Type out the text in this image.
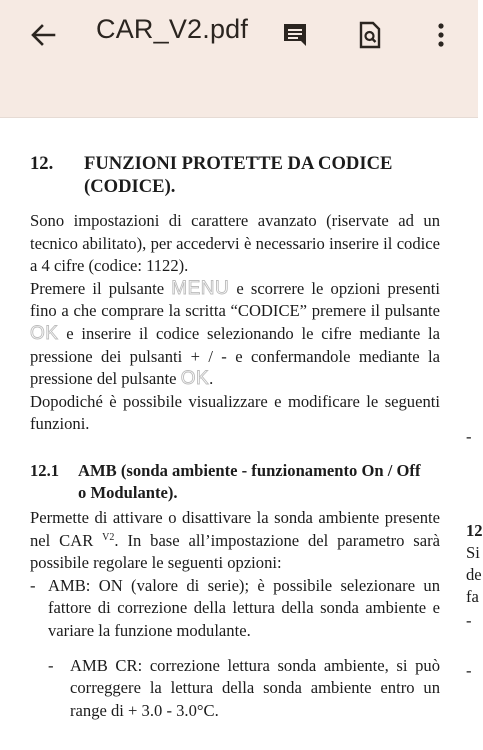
CAR_V2.pdf
12.	FUNZIONI PROTETTE DA CODICE
(CODICE).

Sono impostazioni di carattere avanzato (riservate ad un tecnico abilitato), per accedervi è necessario inserire il codice a 4 cifre (codice: 1122).

Premere il pulsante MENU e scorrere le opzioni presenti fino a che comprare la scritta “CODICE” premere il pulsante OK e inserire il codice selezionando le cifre mediante la pressione dei pulsanti + / - e confermandole mediante la pressione del pulsante OK.

Dopodiché è possibile visualizzare e modificare le seguenti funzioni.

12.1	AMB (sonda ambiente - funzionamento On / Off
o Modulante).

Permette di attivare o disattivare la sonda ambiente presente nel CAR $^{V2}$. In base all’impostazione del parametro sarà possibile regolare le seguenti opzioni:

- AMB: ON (valore di serie); è possibile selezionare un fattore di correzione della lettura della sonda ambiente e variare la funzione modulante.

- AMB CR: correzione lettura sonda ambiente, si può correggere la lettura della sonda ambiente entro un range di + 3.0 - 3.0°C.

-
12
Si
de
fa
-
-
